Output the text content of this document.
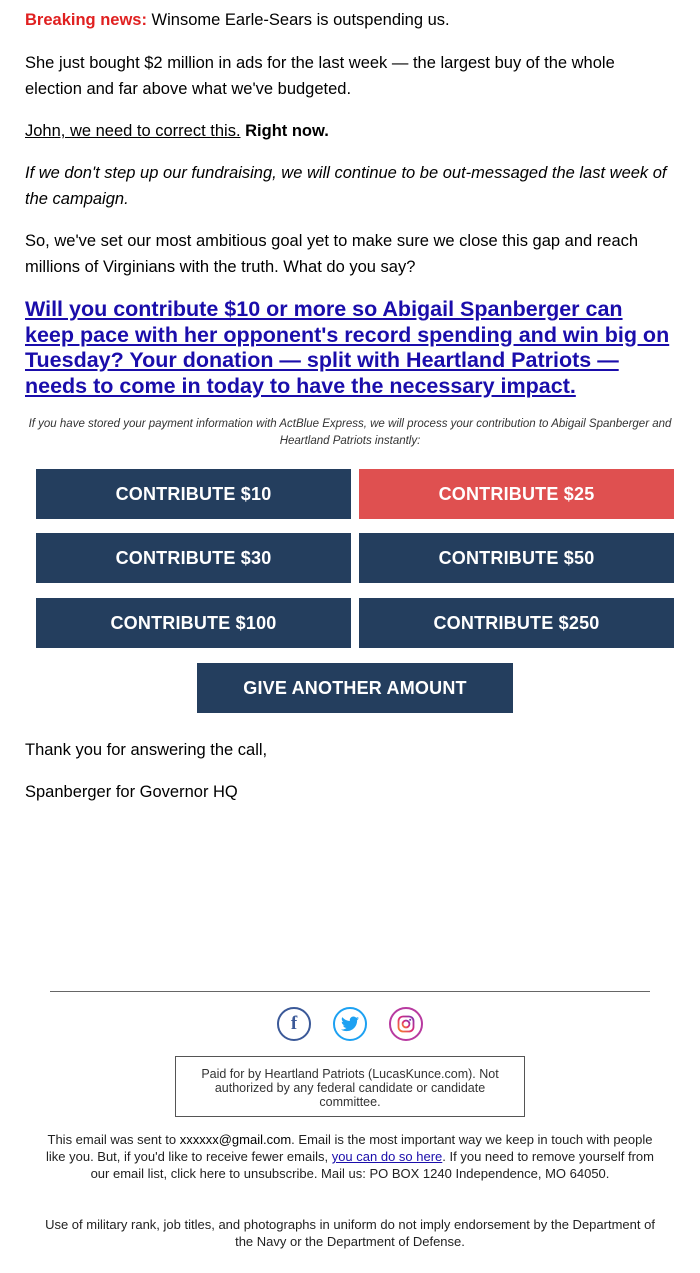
Breaking news: Winsome Earle-Sears is outspending us.

She just bought $2 million in ads for the last week — the largest buy of the whole election and far above what we've budgeted.

John, we need to correct this. Right now.

If we don't step up our fundraising, we will continue to be out-messaged the last week of the campaign.

So, we've set our most ambitious goal yet to make sure we close this gap and reach millions of Virginians with the truth. What do you say?

Will you contribute $10 or more so Abigail Spanberger can keep pace with her opponent's record spending and win big on Tuesday? Your donation — split with Heartland Patriots — needs to come in today to have the necessary impact.

If you have stored your payment information with ActBlue Express, we will process your contribution to Abigail Spanberger and Heartland Patriots instantly:
CONTRIBUTE $10	CONTRIBUTE $25
CONTRIBUTE $30	CONTRIBUTE $50
CONTRIBUTE $100	CONTRIBUTE $250
GIVE ANOTHER AMOUNT

Thank you for answering the call,

Spanberger for Governor HQ

f
Paid for by Heartland Patriots (LucasKunce.com). Not authorized by any federal candidate or candidate committee.
This email was sent to xxxxxx@gmail.com. Email is the most important way we keep in touch with people like you. But, if you'd like to receive fewer emails, you can do so here. If you need to remove yourself from our email list, click here to unsubscribe. Mail us: PO BOX 1240 Independence, MO 64050.
Use of military rank, job titles, and photographs in uniform do not imply endorsement by the Department of the Navy or the Department of Defense.
